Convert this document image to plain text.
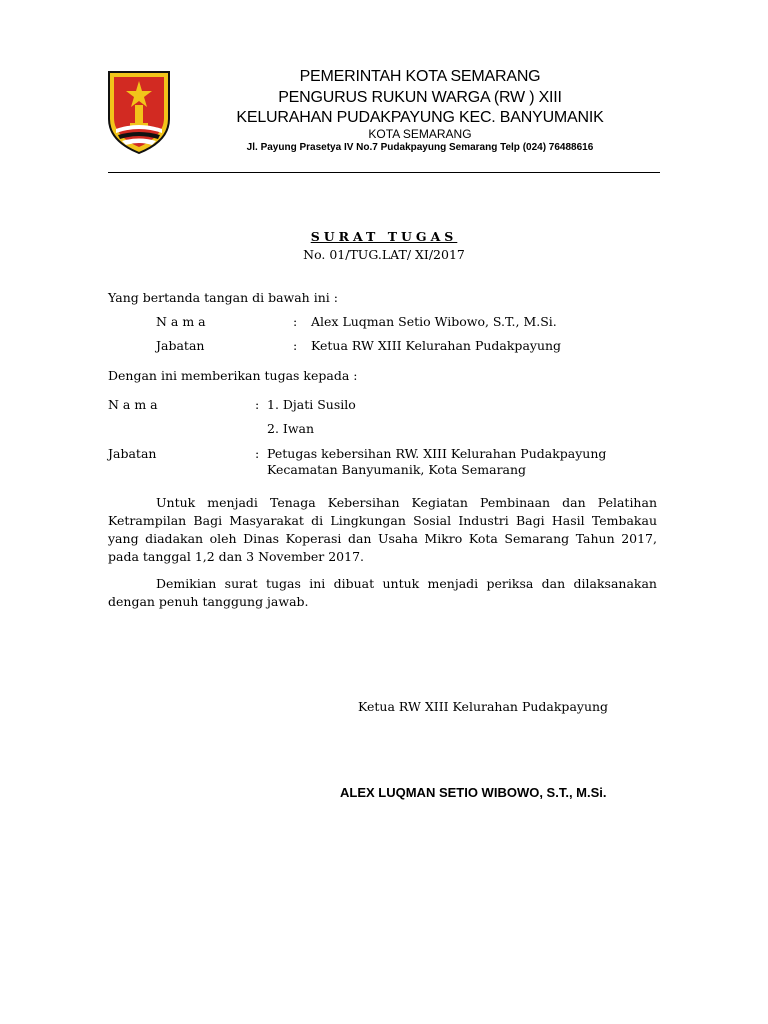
PEMERINTAH KOTA SEMARANG
PENGURUS RUKUN WARGA (RW ) XIII
KELURAHAN PUDAKPAYUNG KEC. BANYUMANIK
KOTA SEMARANG
Jl. Payung Prasetya IV No.7 Pudakpayung Semarang Telp (024) 76488616
SURAT TUGAS
No. 01/TUG.LAT/ XI/2017
Yang bertanda tangan di bawah ini :
N a m a	: Alex Luqman Setio Wibowo, S.T., M.Si.
Jabatan	: Ketua RW XIII Kelurahan Pudakpayung
Dengan ini memberikan tugas kepada :
N a m a	: 1. Djati Susilo
2. Iwan
Jabatan	: Petugas kebersihan RW. XIII Kelurahan Pudakpayung
Kecamatan Banyumanik, Kota Semarang
Untuk menjadi Tenaga Kebersihan Kegiatan Pembinaan dan Pelatihan Ketrampilan Bagi Masyarakat di Lingkungan Sosial Industri Bagi Hasil Tembakau yang diadakan oleh Dinas Koperasi dan Usaha Mikro Kota Semarang Tahun 2017, pada tanggal 1,2 dan 3 November 2017.
Demikian surat tugas ini dibuat untuk menjadi periksa dan dilaksanakan dengan penuh tanggung jawab.
Ketua RW XIII Kelurahan Pudakpayung
ALEX LUQMAN SETIO WIBOWO, S.T., M.Si.
